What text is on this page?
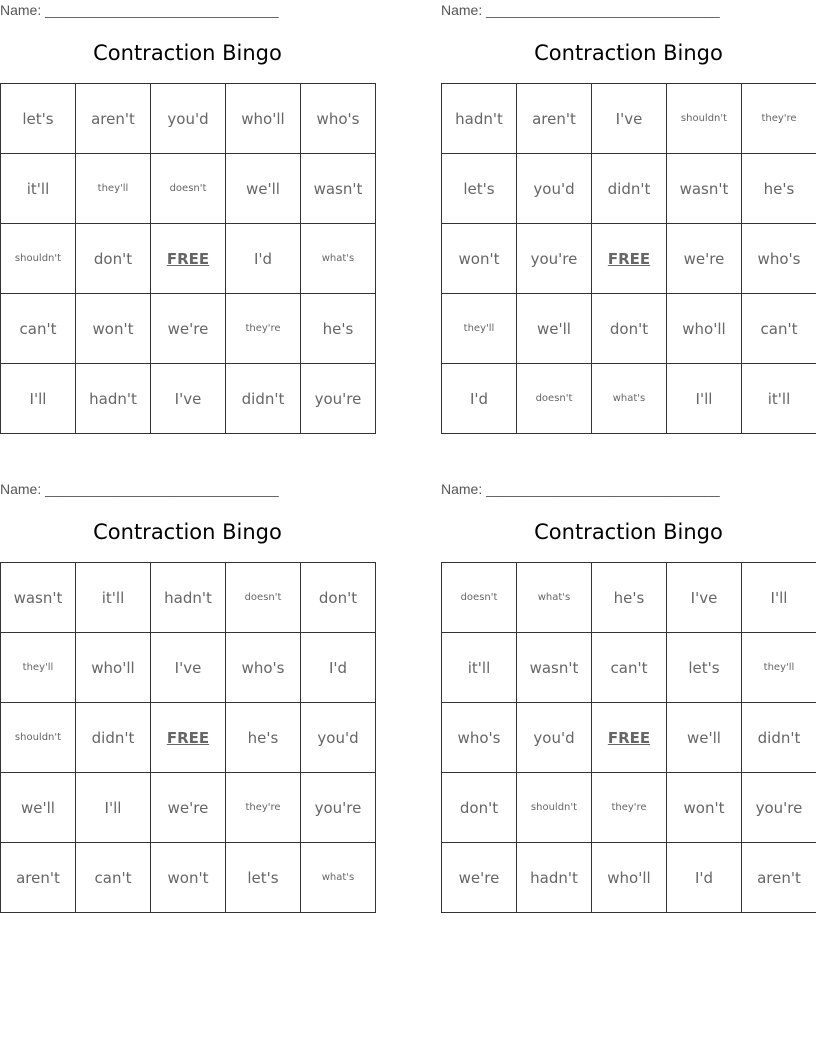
Name: ______________________________
Contraction Bingo
let's	aren't	you'd	who'll	who's
it'll	they'll	doesn't	we'll	wasn't
shouldn't	don't	FREE	I'd	what's
can't	won't	we're	they're	he's
I'll	hadn't	I've	didn't	you're
Name: ______________________________
Contraction Bingo
hadn't	aren't	I've	shouldn't	they're
let's	you'd	didn't	wasn't	he's
won't	you're	FREE	we're	who's
they'll	we'll	don't	who'll	can't
I'd	doesn't	what's	I'll	it'll
Name: ______________________________
Contraction Bingo
wasn't	it'll	hadn't	doesn't	don't
they'll	who'll	I've	who's	I'd
shouldn't	didn't	FREE	he's	you'd
we'll	I'll	we're	they're	you're
aren't	can't	won't	let's	what's
Name: ______________________________
Contraction Bingo
doesn't	what's	he's	I've	I'll
it'll	wasn't	can't	let's	they'll
who's	you'd	FREE	we'll	didn't
don't	shouldn't	they're	won't	you're
we're	hadn't	who'll	I'd	aren't
